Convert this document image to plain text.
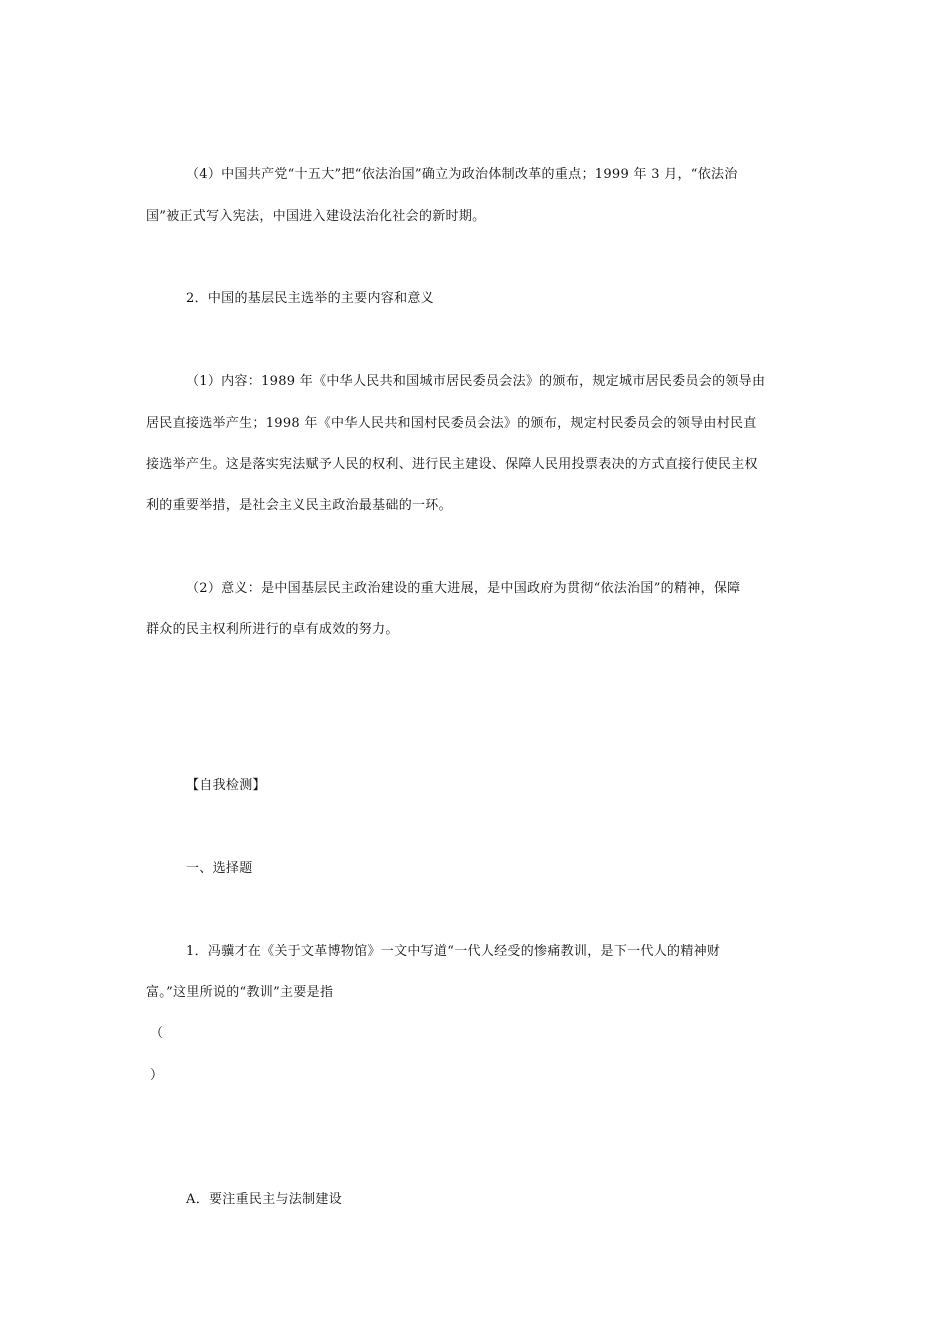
（4）中国共产党“十五大”把“依法治国”确立为政治体制改革的重点；1999 年 3 月，“依法治
国”被正式写入宪法，中国进入建设法治化社会的新时期。
2．中国的基层民主选举的主要内容和意义
（1）内容：1989 年《中华人民共和国城市居民委员会法》的颁布，规定城市居民委员会的领导由
居民直接选举产生；1998 年《中华人民共和国村民委员会法》的颁布，规定村民委员会的领导由村民直
接选举产生。这是落实宪法赋予人民的权利、进行民主建设、保障人民用投票表决的方式直接行使民主权
利的重要举措，是社会主义民主政治最基础的一环。
（2）意义：是中国基层民主政治建设的重大进展，是中国政府为贯彻“依法治国”的精神，保障
群众的民主权利所进行的卓有成效的努力。
【自我检测】
一、选择题
1．冯骥才在《关于文革博物馆》一文中写道“一代人经受的惨痛教训，是下一代人的精神财
富。”这里所说的“教训”主要是指
（
）
A．要注重民主与法制建设
